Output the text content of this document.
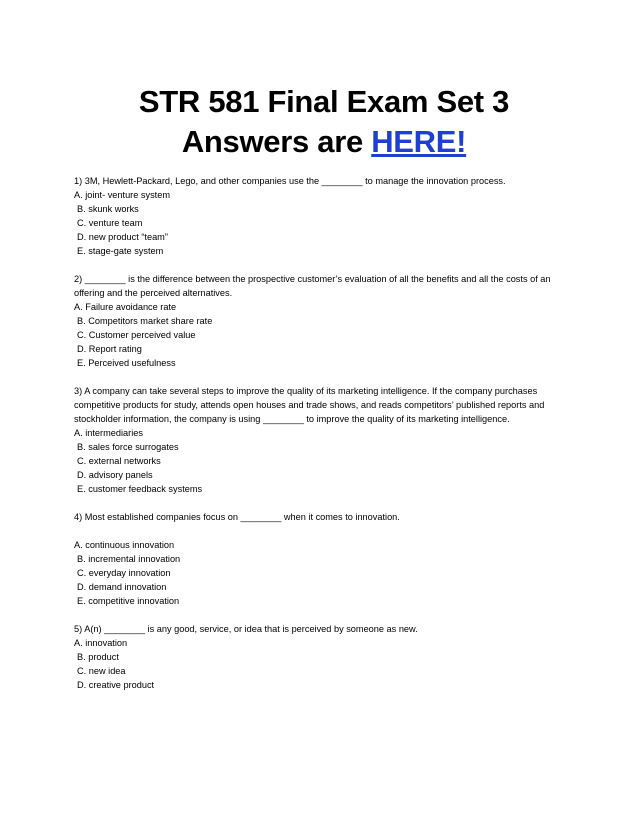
STR 581 Final Exam Set 3
Answers are HERE!
1) 3M, Hewlett-Packard, Lego, and other companies use the ________ to manage the innovation process.
A. joint- venture system
B. skunk works
C. venture team
D. new product “team”
E. stage-gate system
2) ________ is the difference between the prospective customer’s evaluation of all the benefits and all the costs of an offering and the perceived alternatives.
A. Failure avoidance rate
B. Competitors market share rate
C. Customer perceived value
D. Report rating
E. Perceived usefulness
3) A company can take several steps to improve the quality of its marketing intelligence. If the company purchases competitive products for study, attends open houses and trade shows, and reads competitors’ published reports and stockholder information, the company is using ________ to improve the quality of its marketing intelligence.
A. intermediaries
B. sales force surrogates
C. external networks
D. advisory panels
E. customer feedback systems
4) Most established companies focus on ________ when it comes to innovation.
A. continuous innovation
B. incremental innovation
C. everyday innovation
D. demand innovation
E. competitive innovation
5) A(n) ________ is any good, service, or idea that is perceived by someone as new.
A. innovation
B. product
C. new idea
D. creative product
